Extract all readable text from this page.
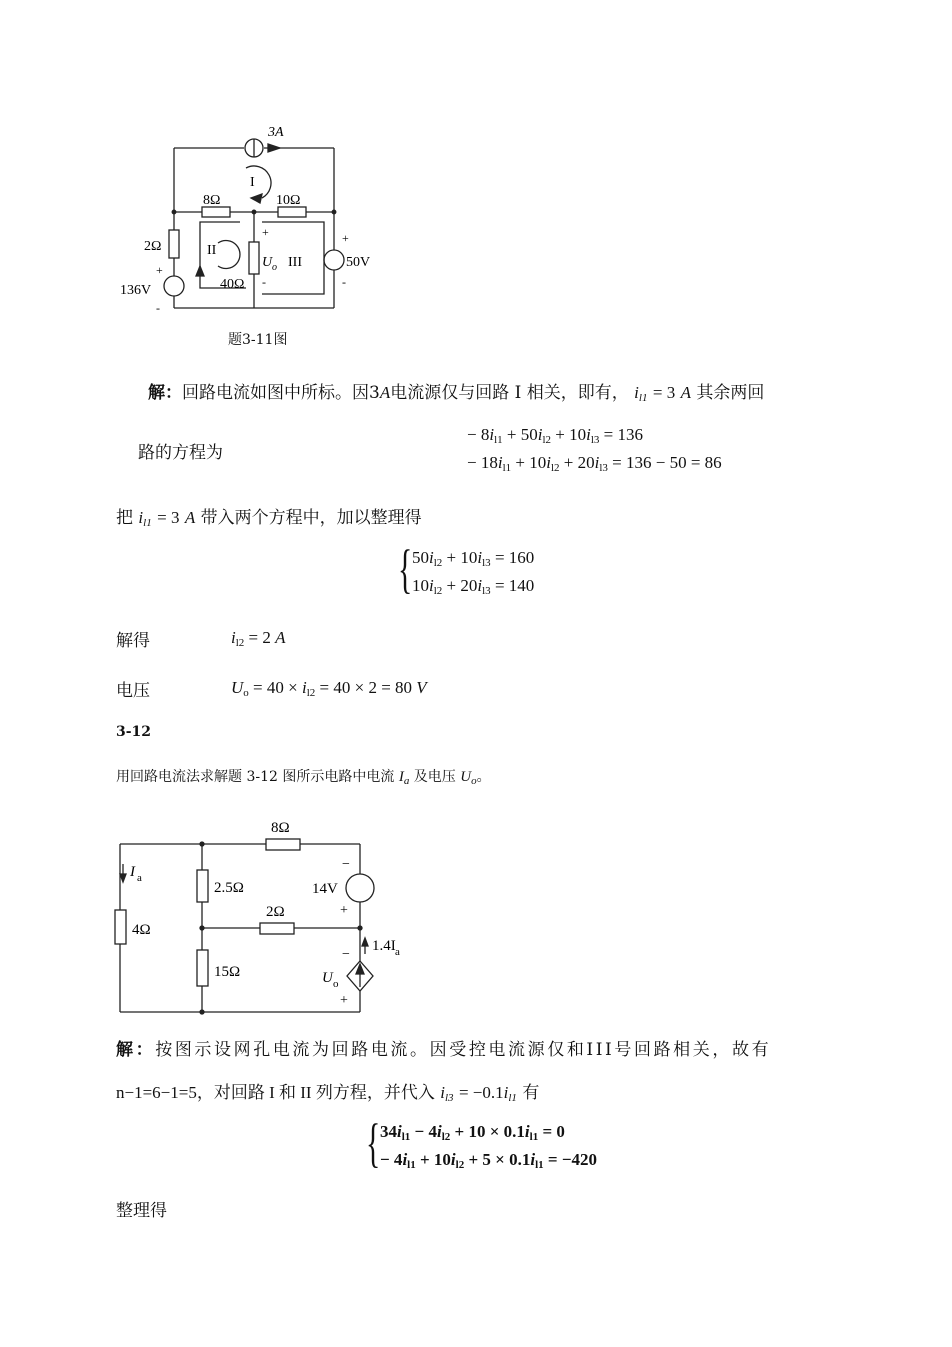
3A
I
8Ω	10Ω
2Ω	II
U o III
40Ω
50V
136V
+
-
+
-
+
-
题3-11图
解：回路电流如图中所标。因3A电流源仅与回路 I 相关，即有， $i_{l1} = 3$ A 其余两回
路的方程为
− $8i_{l1} + 50i_{l2} + 10i_{l3} = 136$
− $18i_{l1} + 10i_{l2} + 20i_{l3} = 136 - 50 = 86$
把 $i_{l1} = 3$ A 带入两个方程中，加以整理得
{ $50i_{l2} + 10i_{l3} = 160$
$10i_{l2} + 20i_{l3} = 140$
解得	$i_{l2} = 2$ A
电压	$U_o = 40 \times i_{l2} = 40 \times 2 = 80$ V
3-12
用回路电流法求解题 3-12 图所示电路中电流 $I_a$ 及电压 $U_o$。
8Ω
I a
2.5Ω	14V
2Ω
4Ω
1.4I a
15Ω	U o
−
+
−
+
解：按图示设网孔电流为回路电流。因受控电流源仅和III号回路相关，故有
n−1=6−1=5，对回路 I 和 II 列方程，并代入 $i_{l3} = -0.1i_{l1}$ 有
{ $34i_{l1} - 4i_{l2} + 10 \times 0.1i_{l1} = 0$
− $4i_{l1} + 10i_{l2} + 5 \times 0.1i_{l1} = -420$
整理得
